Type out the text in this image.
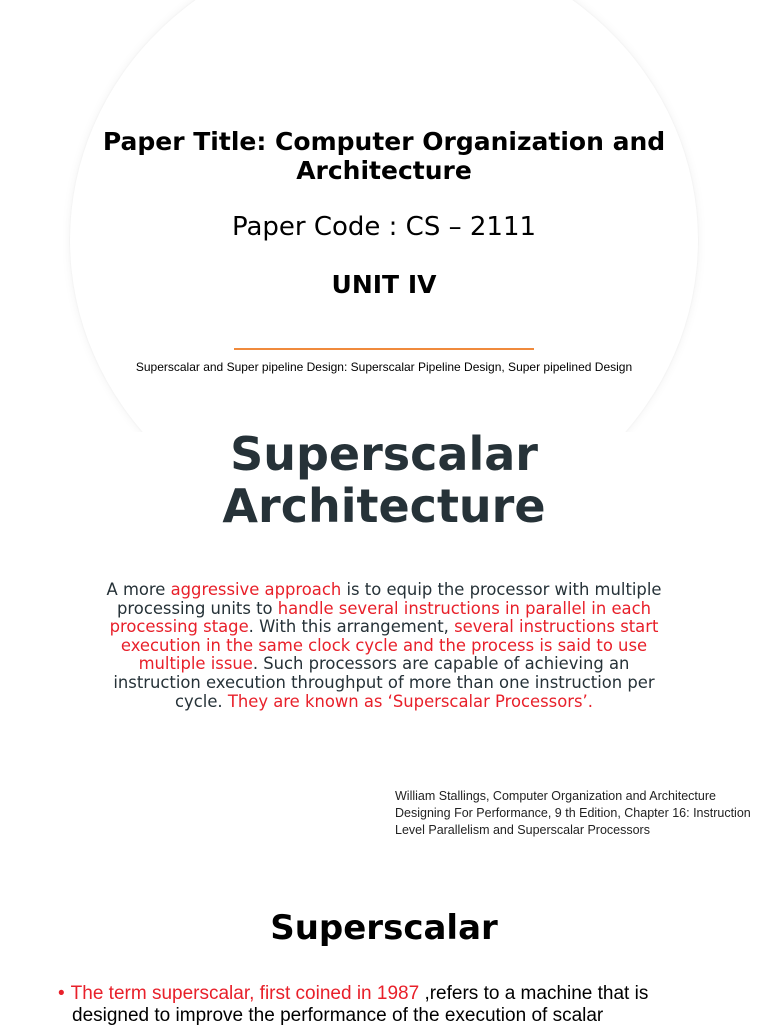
Paper Title: Computer Organization and Architecture
Paper Code : CS – 2111
UNIT IV
Superscalar and Super pipeline Design: Superscalar Pipeline Design, Super pipelined Design
Superscalar Architecture
A more aggressive approach is to equip the processor with multiple processing units to handle several instructions in parallel in each processing stage. With this arrangement, several instructions start execution in the same clock cycle and the process is said to use multiple issue. Such processors are capable of achieving an instruction execution throughput of more than one instruction per cycle. They are known as ‘Superscalar Processors’.
William Stallings, Computer Organization and Architecture Designing For Performance, 9 th Edition, Chapter 16: Instruction Level Parallelism and Superscalar Processors
Superscalar
• The term superscalar, first coined in 1987 ,refers to a machine that is
designed to improve the performance of the execution of scalar
